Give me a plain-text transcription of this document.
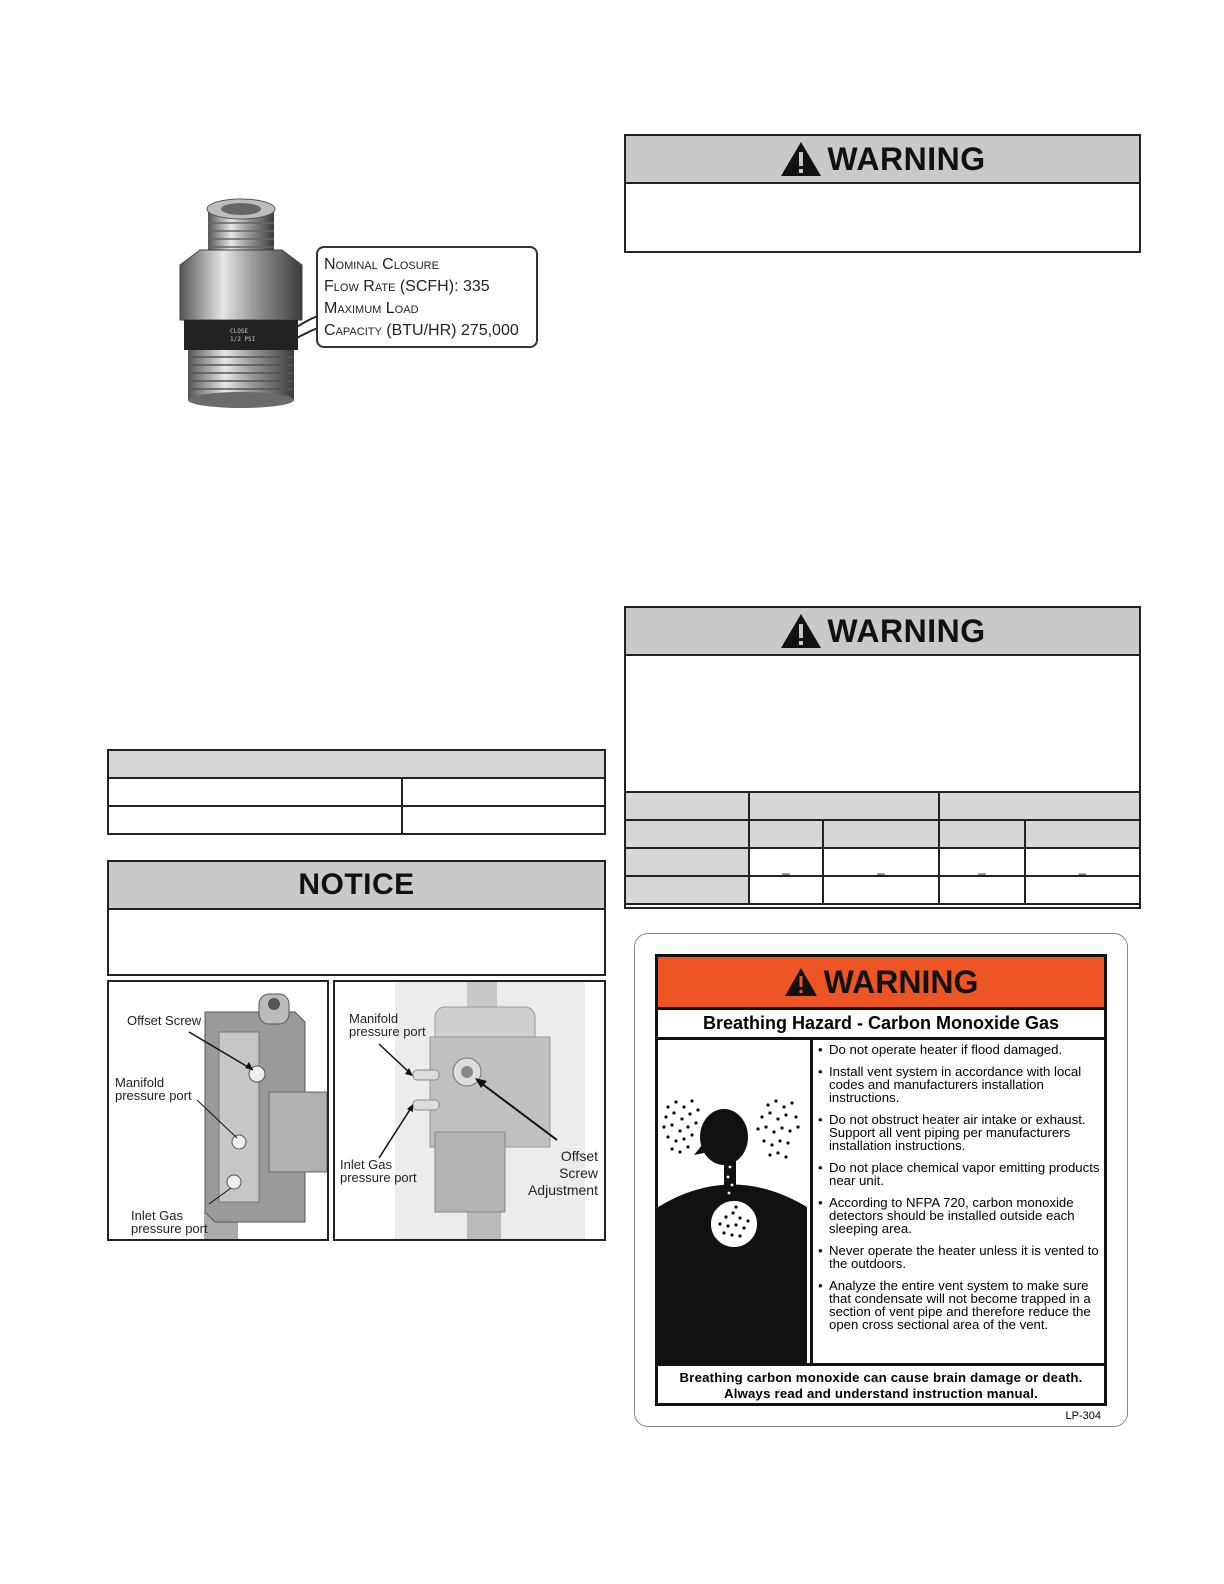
CLOSE
1/2 PSI
Nominal Closure
Flow Rate (SCFH): 335
Maximum Load
Capacity (BTU/HR) 275,000
WARNING
WARNING

	_	_	_	_

NOTICE
Offset Screw
Manifold
pressure port
Inlet Gas
pressure port
Manifold
pressure port
Inlet Gas
pressure port
Offset
Screw
Adjustment
WARNING
Breathing Hazard - Carbon Monoxide Gas
• Do not operate heater if flood damaged.
• Install vent system in accordance with local codes and manufacturers installation instructions.
• Do not obstruct heater air intake or exhaust. Support all vent piping per manufacturers installation instructions.
• Do not place chemical vapor emitting products near unit.
• According to NFPA 720, carbon monoxide detectors should be installed outside each sleeping area.
• Never operate the heater unless it is vented to the outdoors.
• Analyze the entire vent system to make sure that condensate will not become trapped in a section of vent pipe and therefore reduce the open cross sectional area of the vent.
Breathing carbon monoxide can cause brain damage or death.
Always read and understand instruction manual.
LP-304
